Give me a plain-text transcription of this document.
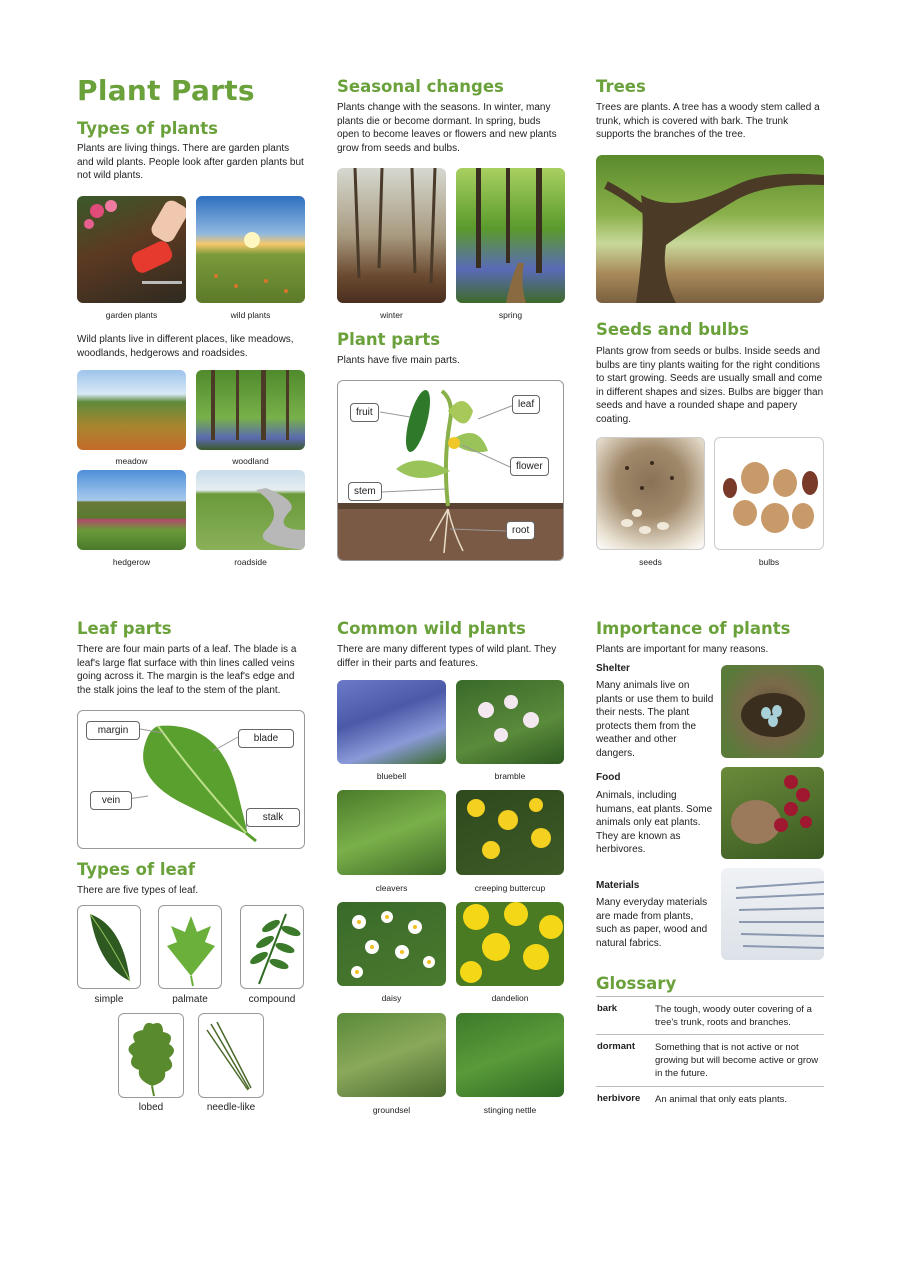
Plant Parts
Types of plants
Plants are living things. There are garden plants and wild plants. People look after garden plants but not wild plants.
garden plants	wild plants
Wild plants live in different places, like meadows, woodlands, hedgerows and roadsides.
meadow	woodland
hedgerow	roadside
Seasonal changes
Plants change with the seasons. In winter, many plants die or become dormant. In spring, buds open to become leaves or flowers and new plants grow from seeds and bulbs.
winter	spring
Plant parts
Plants have five main parts.
fruit
leaf
flower
stem
root
Trees
Trees are plants. A tree has a woody stem called a trunk, which is covered with bark. The trunk supports the branches of the tree.
Seeds and bulbs
Plants grow from seeds or bulbs. Inside seeds and bulbs are tiny plants waiting for the right conditions to start growing. Seeds are usually small and come in different shapes and sizes. Bulbs are bigger than seeds and have a rounded shape and papery coating.
seeds	bulbs
Leaf parts
There are four main parts of a leaf. The blade is a leaf's large flat surface with thin lines called veins going across it. The margin is the leaf's edge and the stalk joins the leaf to the stem of the plant.
margin
blade
vein
stalk
Types of leaf
There are five types of leaf.
simple	palmate	compound
lobed	needle-like
Common wild plants
There are many different types of wild plant. They differ in their parts and features.
bluebell	bramble
cleavers	creeping buttercup
daisy	dandelion
groundsel	stinging nettle
Importance of plants
Plants are important for many reasons.
Shelter
Many animals live on plants or use them to build their nests. The plant protects them from the weather and other dangers.
Food
Animals, including humans, eat plants. Some animals only eat plants. They are known as herbivores.
Materials
Many everyday materials are made from plants, such as paper, wood and natural fabrics.
Glossary
bark	The tough, woody outer covering of a tree's trunk, roots and branches.
dormant Something that is not active or not growing but will become active or grow in the future.
herbivore An animal that only eats plants.
